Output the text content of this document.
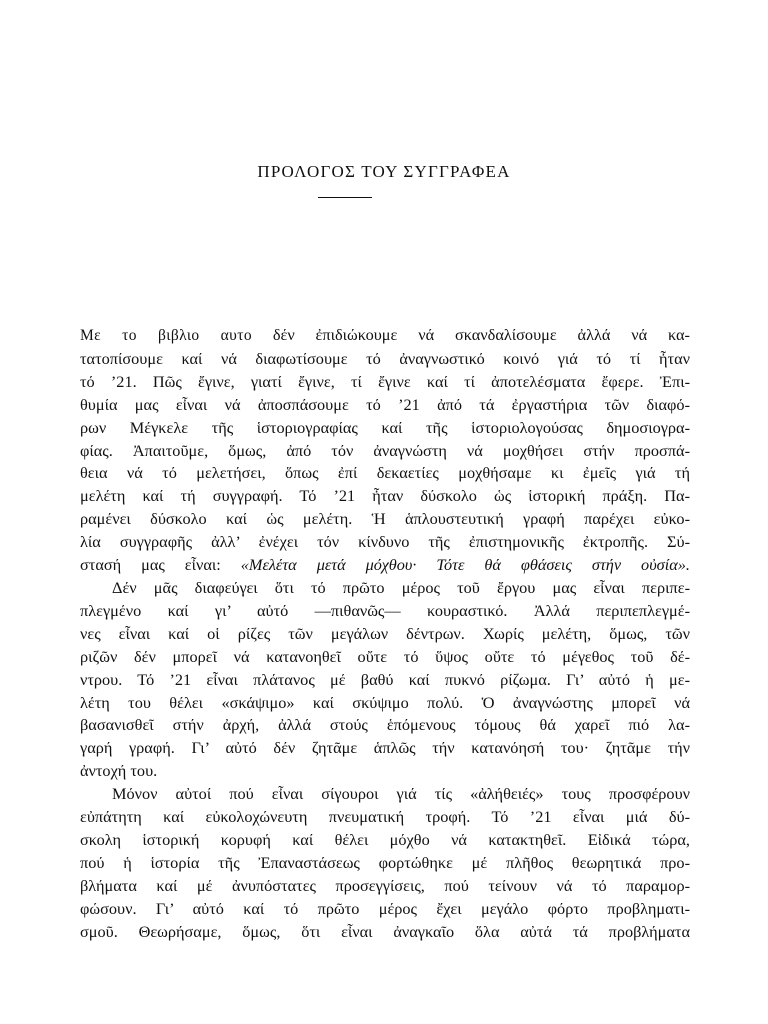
ΠΡΟΛΟΓΟΣ ΤΟΥ ΣΥΓΓΡΑΦΕΑ
Με το βιβλιο αυτο δέν ἐπιδιώκουμε νά σκανδαλίσουμε ἀλλά νά κα-
τατοπίσουμε καί νά διαφωτίσουμε τό ἀναγνωστικό κοινό γιά τό τί ἦταν
τό ’21. Πῶς ἔγινε, γιατί ἔγινε, τί ἔγινε καί τί ἀποτελέσματα ἔφερε. Ἐπι-
θυμία μας εἶναι νά ἀποσπάσουμε τό ’21 ἀπό τά ἐργαστήρια τῶν διαφό-
ρων Μέγκελε τῆς ἱστοριογραφίας καί τῆς ἱστοριολογούσας δημοσιογρα-
φίας. Ἀπαιτοῦμε, ὅμως, ἀπό τόν ἀναγνώστη νά μοχθήσει στήν προσπά-
θεια νά τό μελετήσει, ὅπως ἐπί δεκαετίες μοχθήσαμε κι ἐμεῖς γιά τή
μελέτη καί τή συγγραφή. Τό ’21 ἦταν δύσκολο ὡς ἱστορική πράξη. Πα-
ραμένει δύσκολο καί ὡς μελέτη. Ἡ ἁπλουστευτική γραφή παρέχει εὐκο-
λία συγγραφῆς ἀλλ’ ἐνέχει τόν κίνδυνο τῆς ἐπιστημονικῆς ἐκτροπῆς. Σύ-
στασή μας εἶναι: «Μελέτα μετά μόχθου· Τότε θά φθάσεις στήν οὐσία».
Δέν μᾶς διαφεύγει ὅτι τό πρῶτο μέρος τοῦ ἔργου μας εἶναι περιπε-
πλεγμένο καί γι’ αὐτό —πιθανῶς— κουραστικό. Ἀλλά περιπεπλεγμέ-
νες εἶναι καί οἱ ρίζες τῶν μεγάλων δέντρων. Χωρίς μελέτη, ὅμως, τῶν
ριζῶν δέν μπορεῖ νά κατανοηθεῖ οὔτε τό ὕψος οὔτε τό μέγεθος τοῦ δέ-
ντρου. Τό ’21 εἶναι πλάτανος μέ βαθύ καί πυκνό ρίζωμα. Γι’ αὐτό ἡ με-
λέτη του θέλει «σκάψιμο» καί σκύψιμο πολύ. Ὁ ἀναγνώστης μπορεῖ νά
βασανισθεῖ στήν ἀρχή, ἀλλά στούς ἑπόμενους τόμους θά χαρεῖ πιό λα-
γαρή γραφή. Γι’ αὐτό δέν ζητᾶμε ἁπλῶς τήν κατανόησή του· ζητᾶμε τήν
ἀντοχή του.
Μόνον αὐτοί πού εἶναι σίγουροι γιά τίς «ἀλήθειές» τους προσφέρουν
εὐπάτητη καί εὐκολοχώνευτη πνευματική τροφή. Τό ’21 εἶναι μιά δύ-
σκολη ἱστορική κορυφή καί θέλει μόχθο νά κατακτηθεῖ. Εἰδικά τώρα,
πού ἡ ἱστορία τῆς Ἐπαναστάσεως φορτώθηκε μέ πλῆθος θεωρητικά προ-
βλήματα καί μέ ἀνυπόστατες προσεγγίσεις, πού τείνουν νά τό παραμορ-
φώσουν. Γι’ αὐτό καί τό πρῶτο μέρος ἔχει μεγάλο φόρτο προβληματι-
σμοῦ. Θεωρήσαμε, ὅμως, ὅτι εἶναι ἀναγκαῖο ὅλα αὐτά τά προβλήματα
